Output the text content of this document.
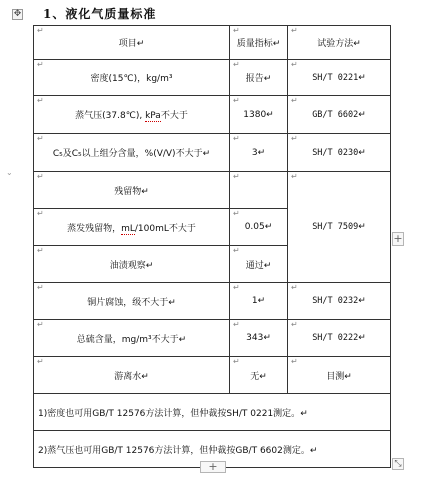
✥ 1、液化气质量标准
⌄
↵
项目↵	↵
质量指标↵	↵
试验方法↵

↵
密度(15℃)，kg/m³	↵
报告↵	↵
SH/T 0221↵

↵
蒸气压(37.8℃), kPa不大于	↵
1380↵	↵
GB/T 6602↵

↵
C₅及C₅以上组分含量，%(V/V)不大于↵	↵
3↵	↵
SH/T 0230↵

↵
残留物↵	↵	↵
SH/T 7509↵

↵
蒸发残留物，mL/100mL不大于	↵
0.05↵	

↵
油渍观察↵	↵
通过↵	

↵
铜片腐蚀，级不大于↵	↵
1↵	↵
SH/T 0232↵

↵
总硫含量，mg/m³不大于↵	↵
343↵	↵
SH/T 0222↵

↵
游离水↵	↵
无↵	↵
目测↵
1)密度也可用GB/T 12576方法计算，但仲裁按SH/T 0221测定。↵		
2)蒸气压也可用GB/T 12576方法计算，但仲裁按GB/T 6602测定。↵		
+
+	⤡
